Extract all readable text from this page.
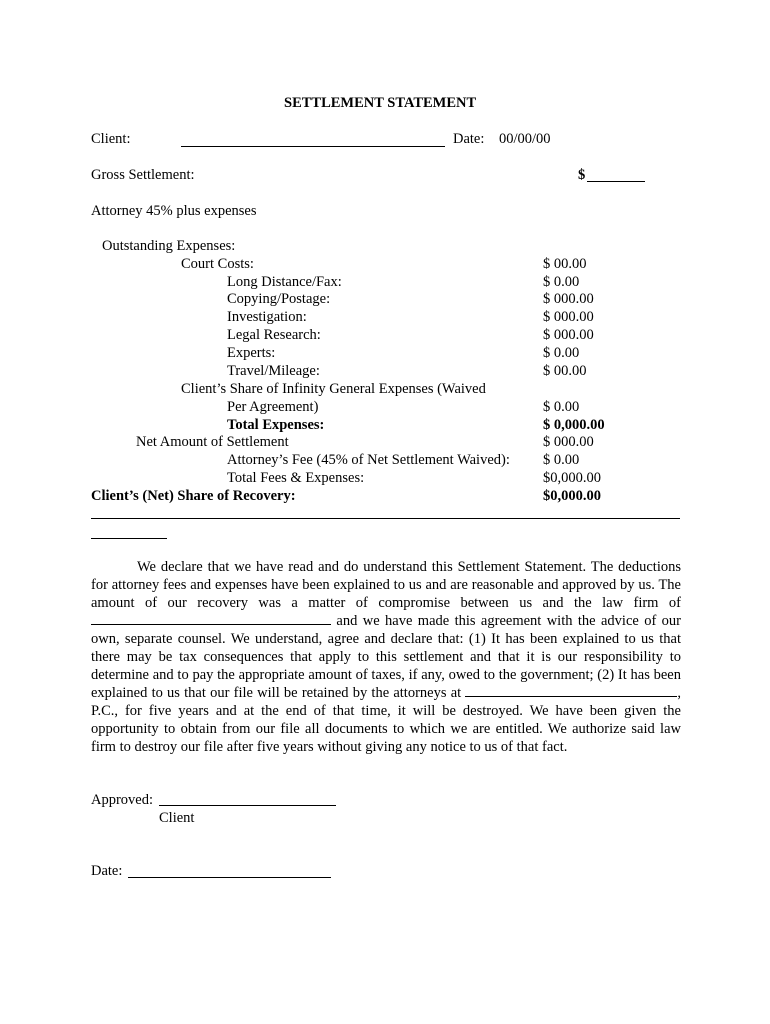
SETTLEMENT STATEMENT
Client:	Date: 00/00/00
Gross Settlement:	$
Attorney 45% plus expenses
Outstanding Expenses:
Court Costs:	$ 00.00
Long Distance/Fax:	$ 0.00
Copying/Postage:	$ 000.00
Investigation:	$ 000.00
Legal Research:	$ 000.00
Experts:	$ 0.00
Travel/Mileage:	$ 00.00
Client’s Share of Infinity General Expenses (Waived
Per Agreement)	$ 0.00
Total Expenses:	$ 0,000.00
Net Amount of Settlement	$ 000.00
Attorney’s Fee (45% of Net Settlement Waived): $ 0.00
Total Fees & Expenses:	$0,000.00
Client’s (Net) Share of Recovery:	$0,000.00
We declare that we have read and do understand this Settlement Statement. The deductions for attorney fees and expenses have been explained to us and are reasonable and approved by us. The amount of our recovery was a matter of compromise between us and the law firm of  and we have made this agreement with the advice of our own, separate counsel. We understand, agree and declare that: (1) It has been explained to us that there may be tax consequences that apply to this settlement and that it is our responsibility to determine and to pay the appropriate amount of taxes, if any, owed to the government; (2) It has been explained to us that our file will be retained by the attorneys at	, P.C., for five years and at the end of that time, it will be destroyed. We have been given the opportunity to obtain from our file all documents to which we are entitled. We authorize said law firm to destroy our file after five years without giving any notice to us of that fact.
Approved:
Client
Date:
